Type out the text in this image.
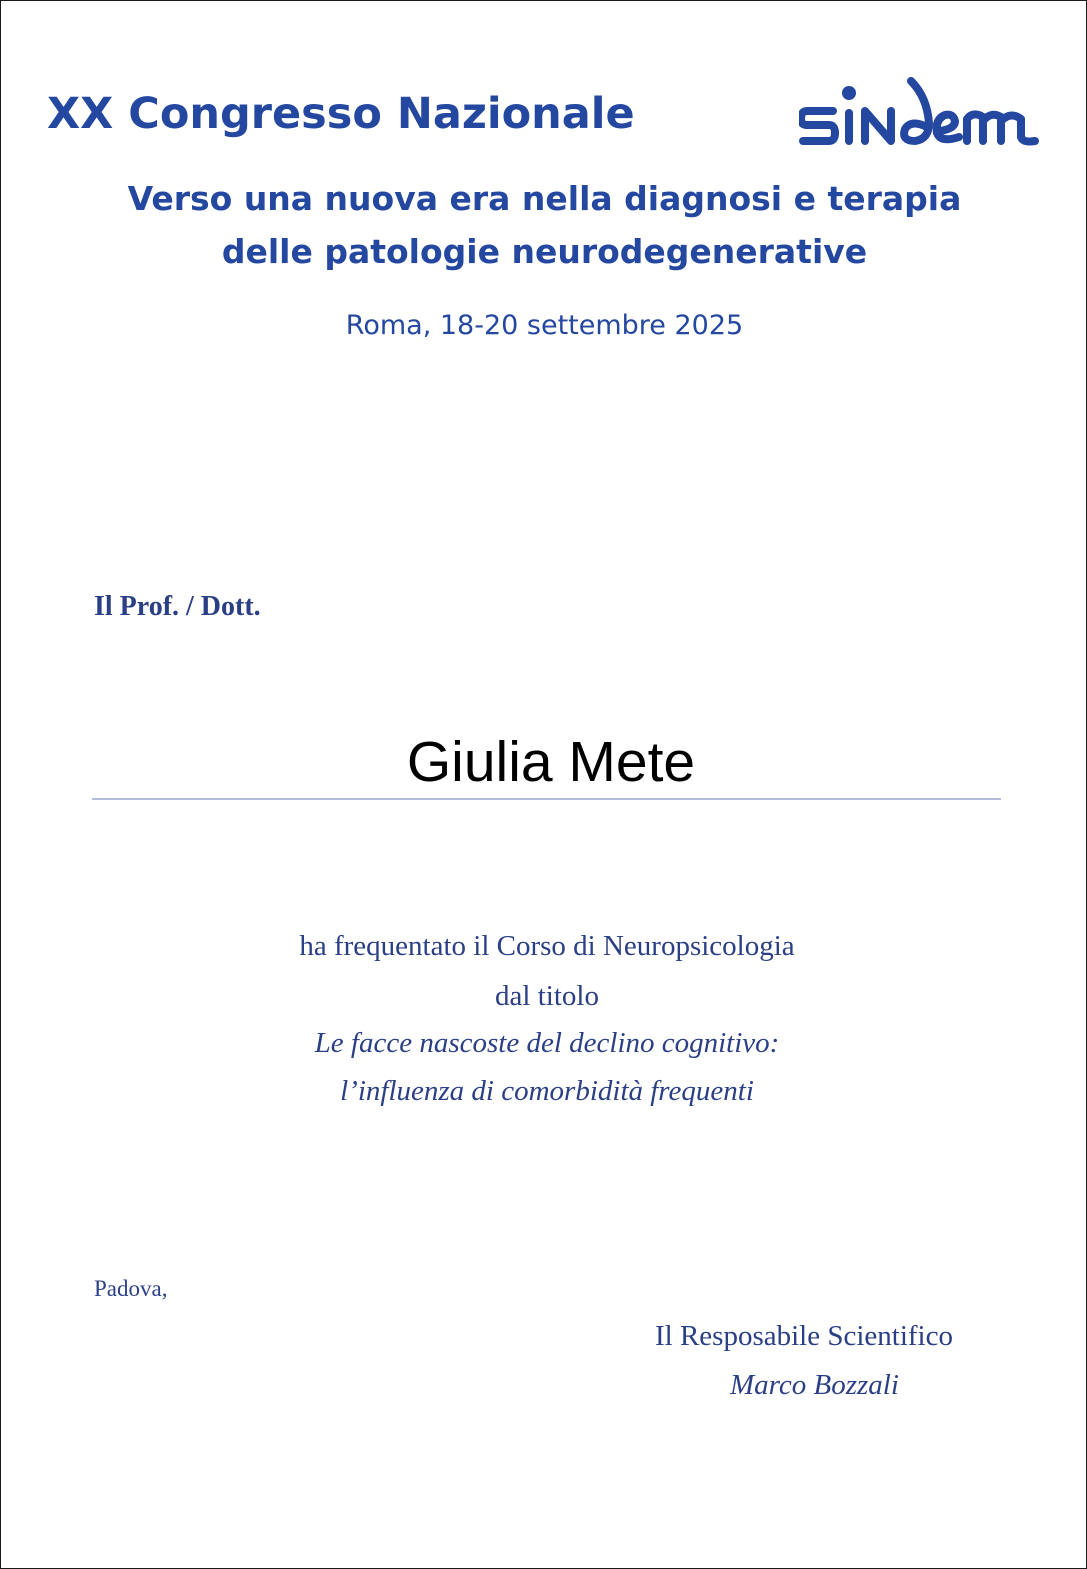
XX Congresso Nazionale
Verso una nuova era nella diagnosi e terapia
delle patologie neurodegenerative
Roma, 18-20 settembre 2025
Il Prof. / Dott.
Giulia Mete
ha frequentato il Corso di Neuropsicologia
dal titolo
Le facce nascoste del declino cognitivo:
l’influenza di comorbidità frequenti
Padova,
Il Resposabile Scientifico
Marco Bozzali
